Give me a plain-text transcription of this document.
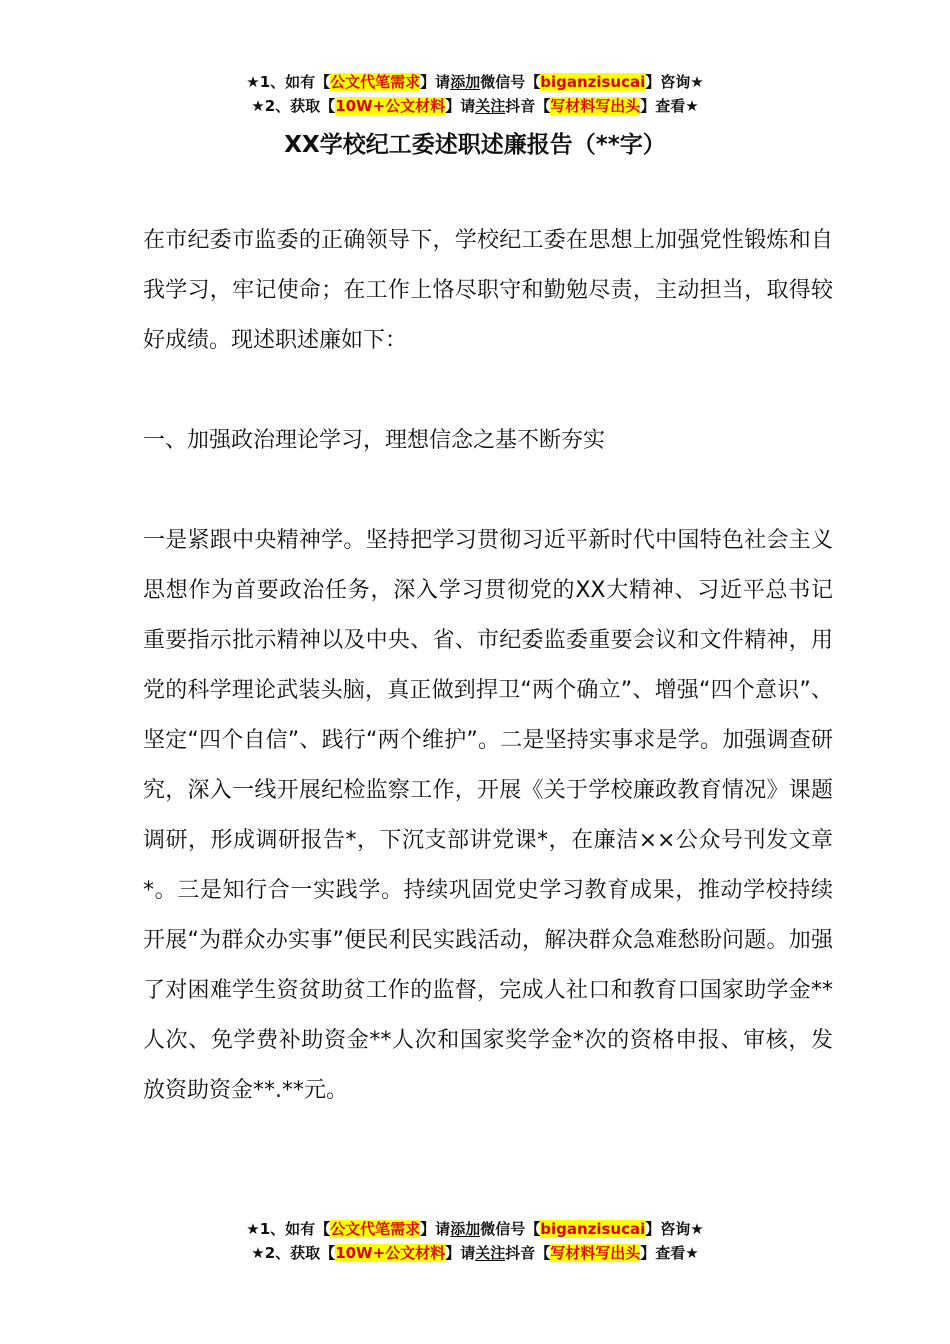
★1、如有【公文代笔需求】请添加微信号【biganzisucai】咨询★
★2、获取【10W+公文材料】请关注抖音【写材料写出头】查看★
XX学校纪工委述职述廉报告（**字）

在市纪委市监委的正确领导下，学校纪工委在思想上加强党性锻炼和自我学习，牢记使命；在工作上恪尽职守和勤勉尽责，主动担当，取得较好成绩。现述职述廉如下：

一、加强政治理论学习，理想信念之基不断夯实

一是紧跟中央精神学。坚持把学习贯彻习近平新时代中国特色社会主义思想作为首要政治任务，深入学习贯彻党的XX大精神、习近平总书记重要指示批示精神以及中央、省、市纪委监委重要会议和文件精神，用党的科学理论武装头脑，真正做到捍卫“两个确立”、增强“四个意识”、坚定“四个自信”、践行“两个维护”。二是坚持实事求是学。加强调查研究，深入一线开展纪检监察工作，开展《关于学校廉政教育情况》课题调研，形成调研报告*，下沉支部讲党课*，在廉洁××公众号刊发文章*。三是知行合一实践学。持续巩固党史学习教育成果，推动学校持续开展“为群众办实事”便民利民实践活动，解决群众急难愁盼问题。加强了对困难学生资贫助贫工作的监督，完成人社口和教育口国家助学金**人次、免学费补助资金**人次和国家奖学金*次的资格申报、审核，发放资助资金**.**元。

★1、如有【公文代笔需求】请添加微信号【biganzisucai】咨询★
★2、获取【10W+公文材料】请关注抖音【写材料写出头】查看★
